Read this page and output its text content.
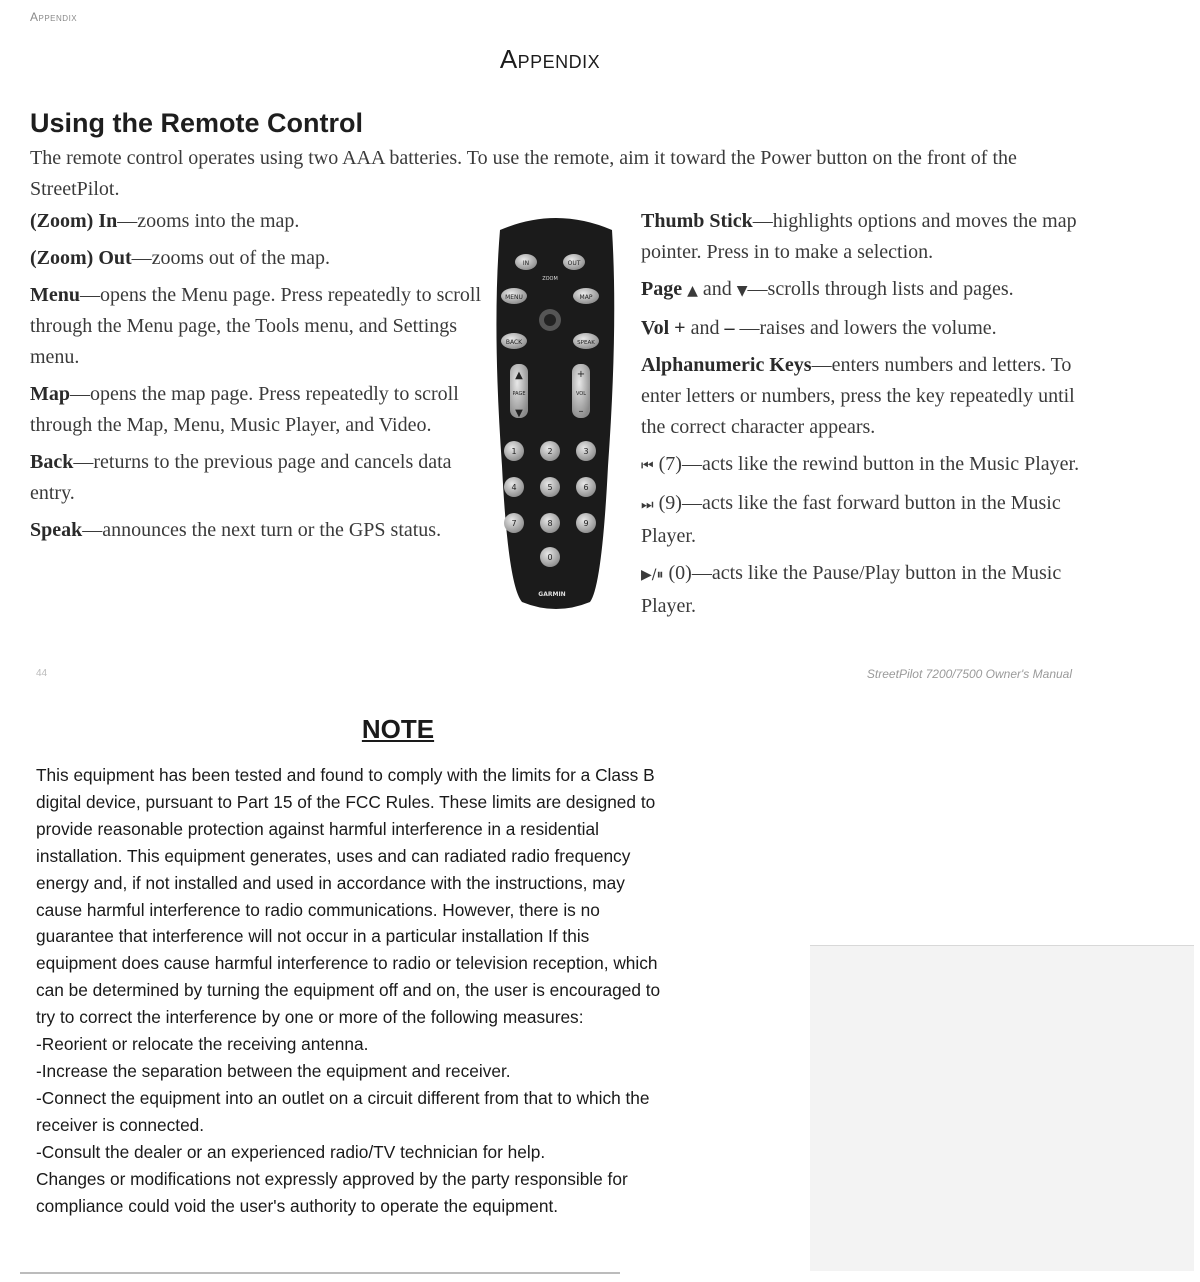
Appendix
Appendix
Using the Remote Control
The remote control operates using two AAA batteries. To use the remote, aim it toward the Power button on the front of the StreetPilot.

(Zoom) In—zooms into the map.

(Zoom) Out—zooms out of the map.

Menu—opens the Menu page. Press repeatedly to scroll through the Menu page, the Tools menu, and Settings menu.

Map—opens the map page. Press repeatedly to scroll through the Map, Menu, Music Player, and Video.

Back—returns to the previous page and cancels data entry.

Speak—announces the next turn or the GPS status.

IN	OUT
ZOOM
MENU	MAP
BACK	SPEAK
▲
▼
PAGE
+
–
VOL
1	2	3
4	5	6
7	8	9
0
GARMIN

Thumb Stick—highlights options and moves the map pointer. Press in to make a selection.

Page ▲ and ▼—scrolls through lists and pages.

Vol + and – —raises and lowers the volume.

Alphanumeric Keys—enters numbers and letters. To enter letters or numbers, press the key repeatedly until the correct character appears.

⏮ (7)—acts like the rewind button in the Music Player.

⏭ (9)—acts like the fast forward button in the Music Player.

▶/⏸ (0)—acts like the Pause/Play button in the Music Player.

44	StreetPilot 7200/7500 Owner's Manual
NOTE
This equipment has been tested and found to comply with the limits for a Class B
digital device, pursuant to Part 15 of the FCC Rules. These limits are designed to
provide reasonable protection against harmful interference in a residential
installation. This equipment generates, uses and can radiated radio frequency
energy and, if not installed and used in accordance with the instructions, may
cause harmful interference to radio communications. However, there is no
guarantee that interference will not occur in a particular installation If this
equipment does cause harmful interference to radio or television reception, which
can be determined by turning the equipment off and on, the user is encouraged to
try to correct the interference by one or more of the following measures:
-Reorient or relocate the receiving antenna.
-Increase the separation between the equipment and receiver.
-Connect the equipment into an outlet on a circuit different from that to which the
receiver is connected.
-Consult the dealer or an experienced radio/TV technician for help.
Changes or modifications not expressly approved by the party responsible for
compliance could void the user's authority to operate the equipment.
